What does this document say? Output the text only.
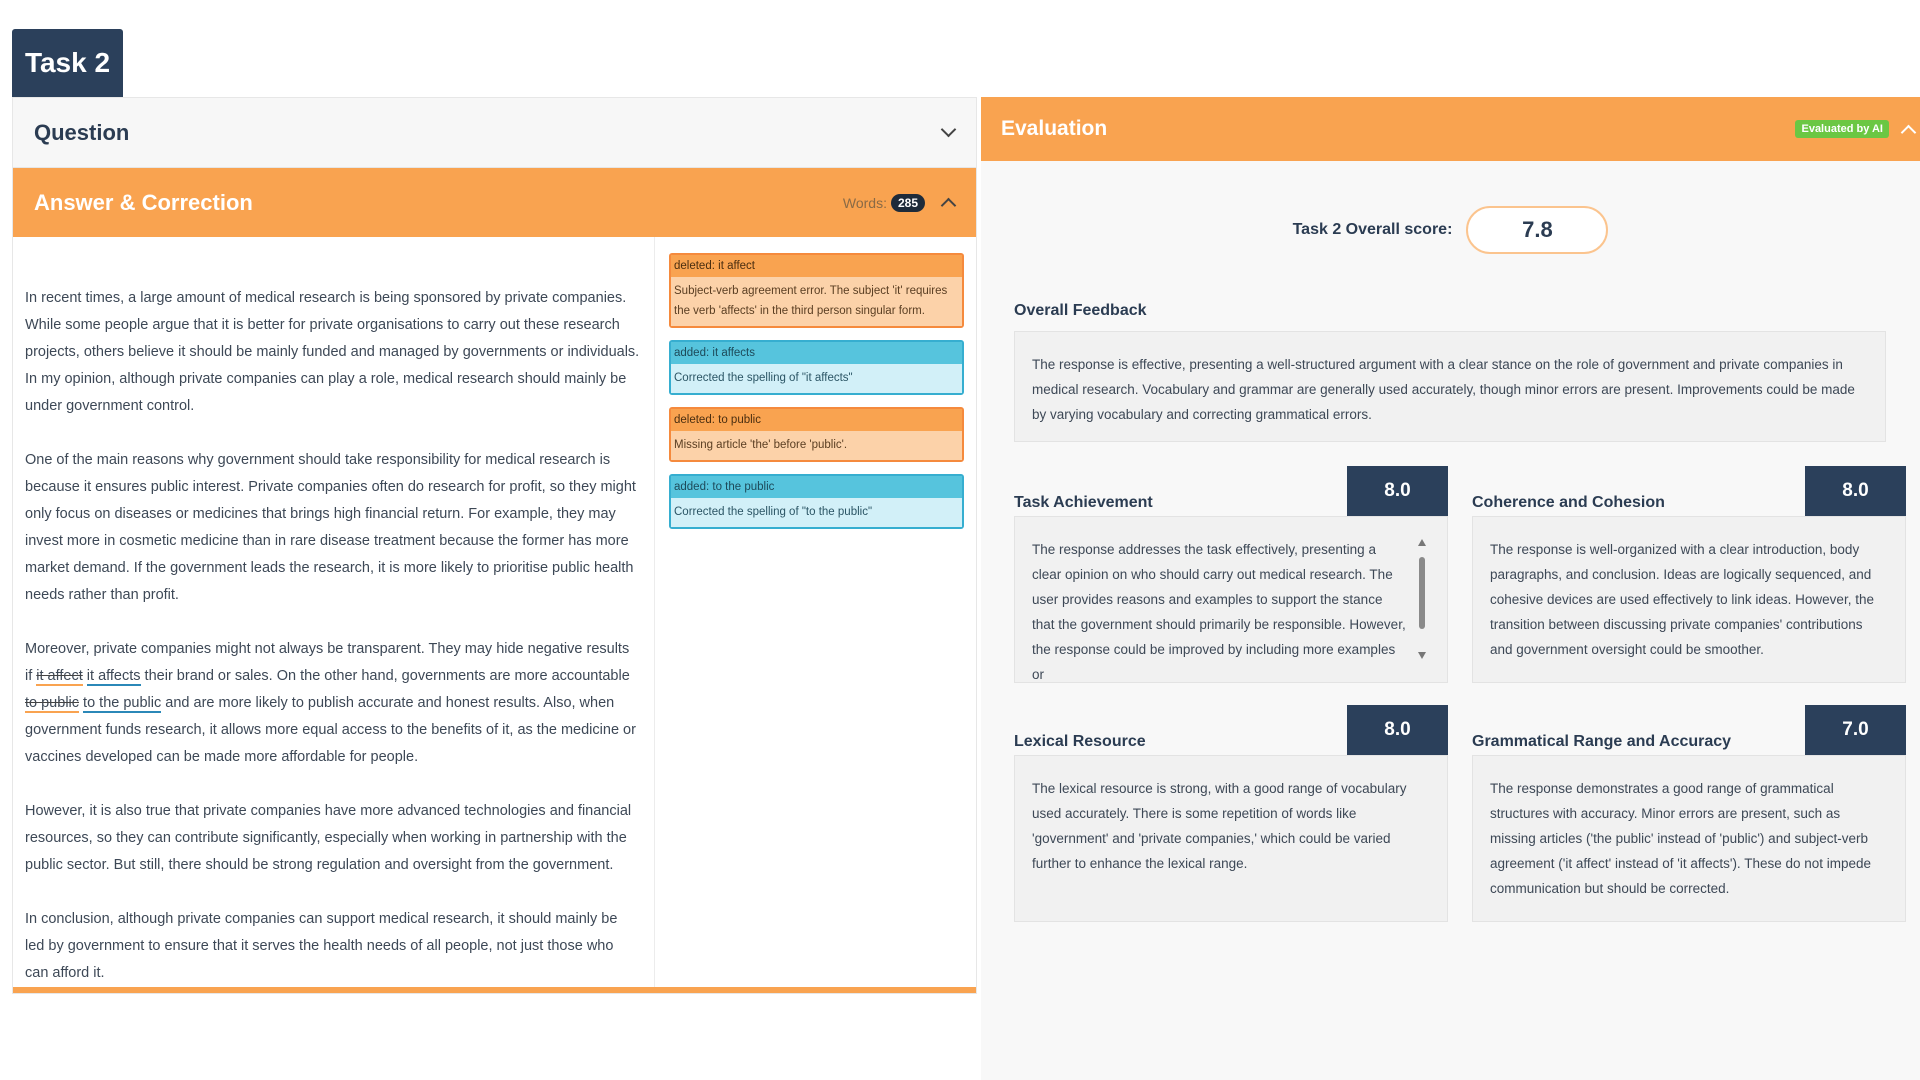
Task 2
Question
Answer & Correction	Words: 285

In recent times, a large amount of medical research is being sponsored by private companies. While some people argue that it is better for private organisations to carry out these research projects, others believe it should be mainly funded and managed by governments or individuals. In my opinion, although private companies can play a role, medical research should mainly be under government control.

One of the main reasons why government should take responsibility for medical research is because it ensures public interest. Private companies often do research for profit, so they might only focus on diseases or medicines that brings high financial return. For example, they may invest more in cosmetic medicine than in rare disease treatment because the former has more market demand. If the government leads the research, it is more likely to prioritise public health needs rather than profit.

Moreover, private companies might not always be transparent. They may hide negative results if it affect it affects their brand or sales. On the other hand, governments are more accountable to public to the public and are more likely to publish accurate and honest results. Also, when government funds research, it allows more equal access to the benefits of it, as the medicine or vaccines developed can be made more affordable for people.

However, it is also true that private companies have more advanced technologies and financial resources, so they can contribute significantly, especially when working in partnership with the public sector. But still, there should be strong regulation and oversight from the government.

In conclusion, although private companies can support medical research, it should mainly be led by government to ensure that it serves the health needs of all people, not just those who can afford it.

deleted: it affect
Subject-verb agreement error. The subject 'it' requires the verb 'affects' in the third person singular form.
added: it affects
Corrected the spelling of "it affects"
deleted: to public
Missing article 'the' before 'public'.
added: to the public
Corrected the spelling of "to the public"
Evaluation	Evaluated by AI
Task 2 Overall score:	7.8
Overall Feedback
The response is effective, presenting a well-structured argument with a clear stance on the role of government and private companies in medical research. Vocabulary and grammar are generally used accurately, though minor errors are present. Improvements could be made by varying vocabulary and correcting grammatical errors.
Task Achievement
8.0
The response addresses the task effectively, presenting a clear opinion on who should carry out medical research. The user provides reasons and examples to support the stance that the government should primarily be responsible. However, the response could be improved by including more examples or
Coherence and Cohesion
8.0
The response is well-organized with a clear introduction, body paragraphs, and conclusion. Ideas are logically sequenced, and cohesive devices are used effectively to link ideas. However, the transition between discussing private companies' contributions and government oversight could be smoother.
Lexical Resource
8.0
The lexical resource is strong, with a good range of vocabulary used accurately. There is some repetition of words like 'government' and 'private companies,' which could be varied further to enhance the lexical range.
Grammatical Range and Accuracy
7.0
The response demonstrates a good range of grammatical structures with accuracy. Minor errors are present, such as missing articles ('the public' instead of 'public') and subject-verb agreement ('it affect' instead of 'it affects'). These do not impede communication but should be corrected.
